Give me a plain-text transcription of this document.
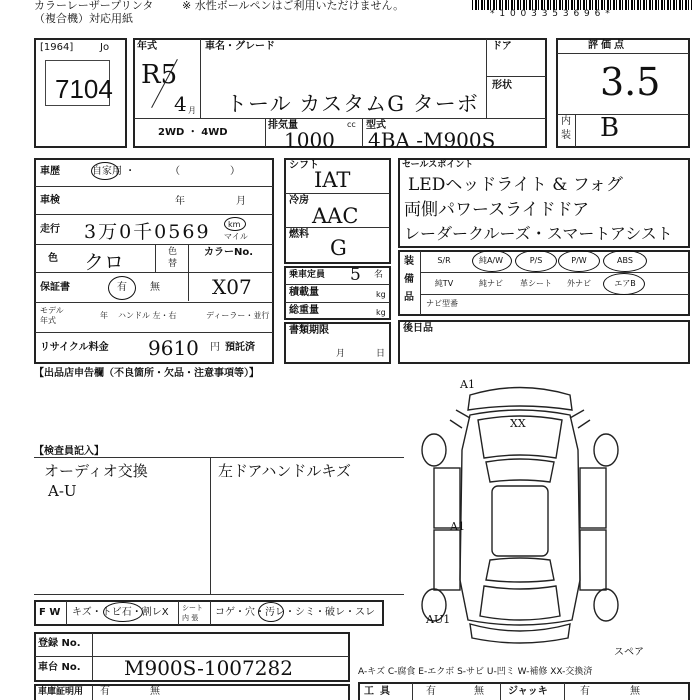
カラーレーザープリンタ
（複合機）対応用紙
※ 水性ボールペンはご利用いただけません。
* 1 0 0 3 3 5 3 6 9 6 *
[1964]	Jo
7104
年式
R5
4 月
車名・グレード
トール カスタムG ターボ
ドア
形状
2WD ・ 4WD
排気量	cc
1000
型式
4BA -M900S
評価点
3.5
内
装 B
車歴	自家用 ・	（　　　　　）
車検	年	月
走行 3万0千0569 km
マイル
色 クロ	色
替
カラーNo.
X07
保証書	有 無
モデル
年式
年 ハンドル 左・右	ディーラー・並行
リサイクル料金 9610 円 預託済
シフト
IAT
冷房
AAC
燃料
G
乗車定員 5 名
積載量	kg
総重量	kg
書類期限
月	日
セールスポイント
LEDヘッドライト & フォグ
両側パワースライドドア
レーダークルーズ・スマートアシスト
装
備
品
S/R	純A/W	P/S	P/W	ABS
純TV	純ナビ	革シート	外ナビ	エアB
ナビ型番
後日品
【出品店申告欄（不良箇所・欠品・注意事項等）】
【検査員記入】
オーディオ交換
A-U
左ドアハンドルキズ
A1
XX
A1
AU1
スペア
A-キズ C-腐食 E-エクボ S-サビ U-凹ミ W-補修 XX-交換済
F W キズ・トビ石・割レX シート 内 張	コゲ・穴・汚レ・シミ・破レ・スレ
登録 No.
車台 No. M900S-1007282
車庫証明用 有	無	工具	有	無 ジャッキ	有	無
